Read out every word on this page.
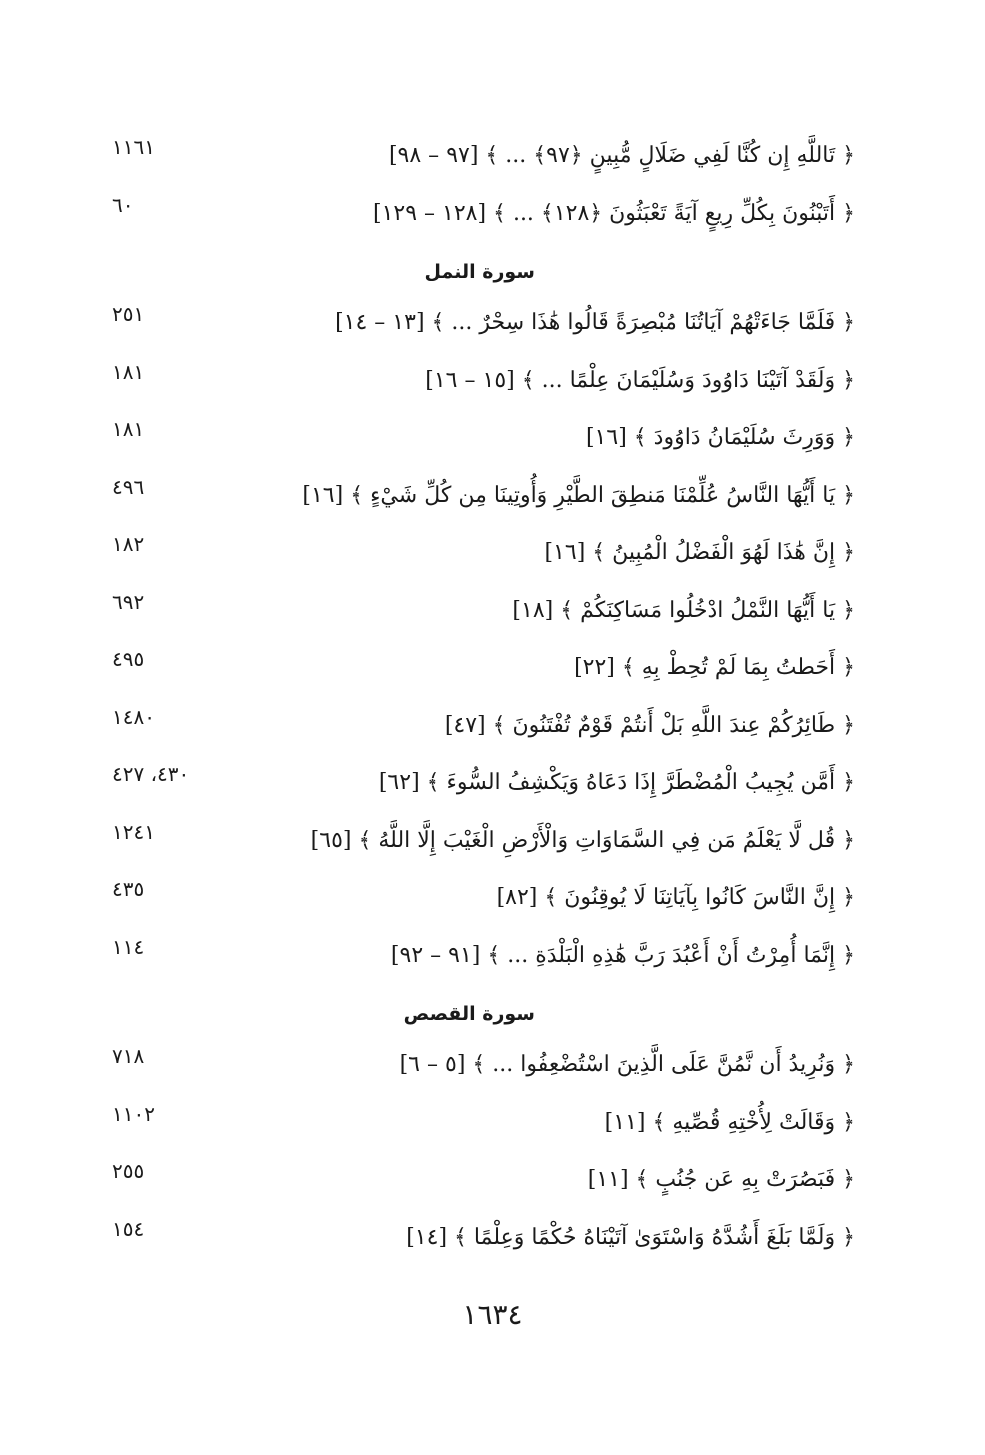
﴿ تَاللَّهِ إِن كُنَّا لَفِي ضَلَالٍ مُّبِينٍ ﴿٩٧﴾ ... ﴾ [٩٧ – ٩٨]
١١٦١
﴿ أَتَبْنُونَ بِكُلِّ رِيعٍ آيَةً تَعْبَثُونَ ﴿١٢٨﴾ ... ﴾ [١٢٨ – ١٢٩]
٦٠
سورة النمل
﴿ فَلَمَّا جَاءَتْهُمْ آيَاتُنَا مُبْصِرَةً قَالُوا هَٰذَا سِحْرٌ ... ﴾ [١٣ – ١٤]
٢٥١
﴿ وَلَقَدْ آتَيْنَا دَاوُودَ وَسُلَيْمَانَ عِلْمًا ... ﴾ [١٥ – ١٦]
١٨١
﴿ وَوَرِثَ سُلَيْمَانُ دَاوُودَ ﴾ [١٦]
١٨١
﴿ يَا أَيُّهَا النَّاسُ عُلِّمْنَا مَنطِقَ الطَّيْرِ وَأُوتِينَا مِن كُلِّ شَيْءٍ ﴾ [١٦]
٤٩٦
﴿ إِنَّ هَٰذَا لَهُوَ الْفَضْلُ الْمُبِينُ ﴾ [١٦]
١٨٢
﴿ يَا أَيُّهَا النَّمْلُ ادْخُلُوا مَسَاكِنَكُمْ ﴾ [١٨]
٦٩٢
﴿ أَحَطتُ بِمَا لَمْ تُحِطْ بِهِ ﴾ [٢٢]
٤٩٥
﴿ طَائِرُكُمْ عِندَ اللَّهِ بَلْ أَنتُمْ قَوْمٌ تُفْتَنُونَ ﴾ [٤٧]
١٤٨٠
﴿ أَمَّن يُجِيبُ الْمُضْطَرَّ إِذَا دَعَاهُ وَيَكْشِفُ السُّوءَ ﴾ [٦٢]
٤٣٠، ٤٢٧
﴿ قُل لَّا يَعْلَمُ مَن فِي السَّمَاوَاتِ وَالْأَرْضِ الْغَيْبَ إِلَّا اللَّهُ ﴾ [٦٥]
١٢٤١
﴿ إِنَّ النَّاسَ كَانُوا بِآيَاتِنَا لَا يُوقِنُونَ ﴾ [٨٢]
٤٣٥
﴿ إِنَّمَا أُمِرْتُ أَنْ أَعْبُدَ رَبَّ هَٰذِهِ الْبَلْدَةِ ... ﴾ [٩١ – ٩٢]
١١٤
سورة القصص
﴿ وَنُرِيدُ أَن نَّمُنَّ عَلَى الَّذِينَ اسْتُضْعِفُوا ... ﴾ [٥ – ٦]
٧١٨
﴿ وَقَالَتْ لِأُخْتِهِ قُصِّيهِ ﴾ [١١]
١١٠٢
﴿ فَبَصُرَتْ بِهِ عَن جُنُبٍ ﴾ [١١]
٢٥٥
﴿ وَلَمَّا بَلَغَ أَشُدَّهُ وَاسْتَوَىٰ آتَيْنَاهُ حُكْمًا وَعِلْمًا ﴾ [١٤]
١٥٤
١٦٣٤
